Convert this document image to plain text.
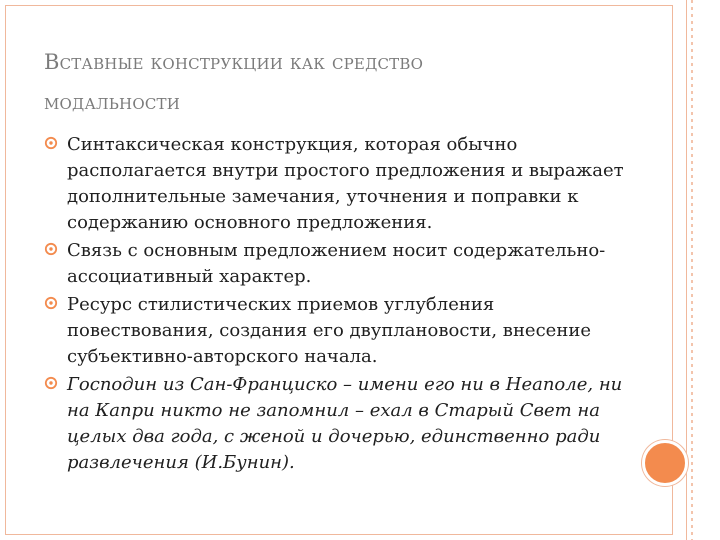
Вставные конструкции как средство
модальности
Синтаксическая конструкция, которая обычно располагается внутри простого предложения и выражает дополнительные замечания, уточнения и поправки к содержанию основного предложения.
Связь с основным предложением носит содержательно-ассоциативный характер.
Ресурс стилистических приемов углубления повествования, создания его двуплановости, внесение субъективно-авторского начала.
Господин из Сан-Франциско – имени его ни в Неаполе, ни на Капри никто не запомнил – ехал в Старый Свет на целых два года, с женой и дочерью, единственно ради развлечения (И.Бунин).
